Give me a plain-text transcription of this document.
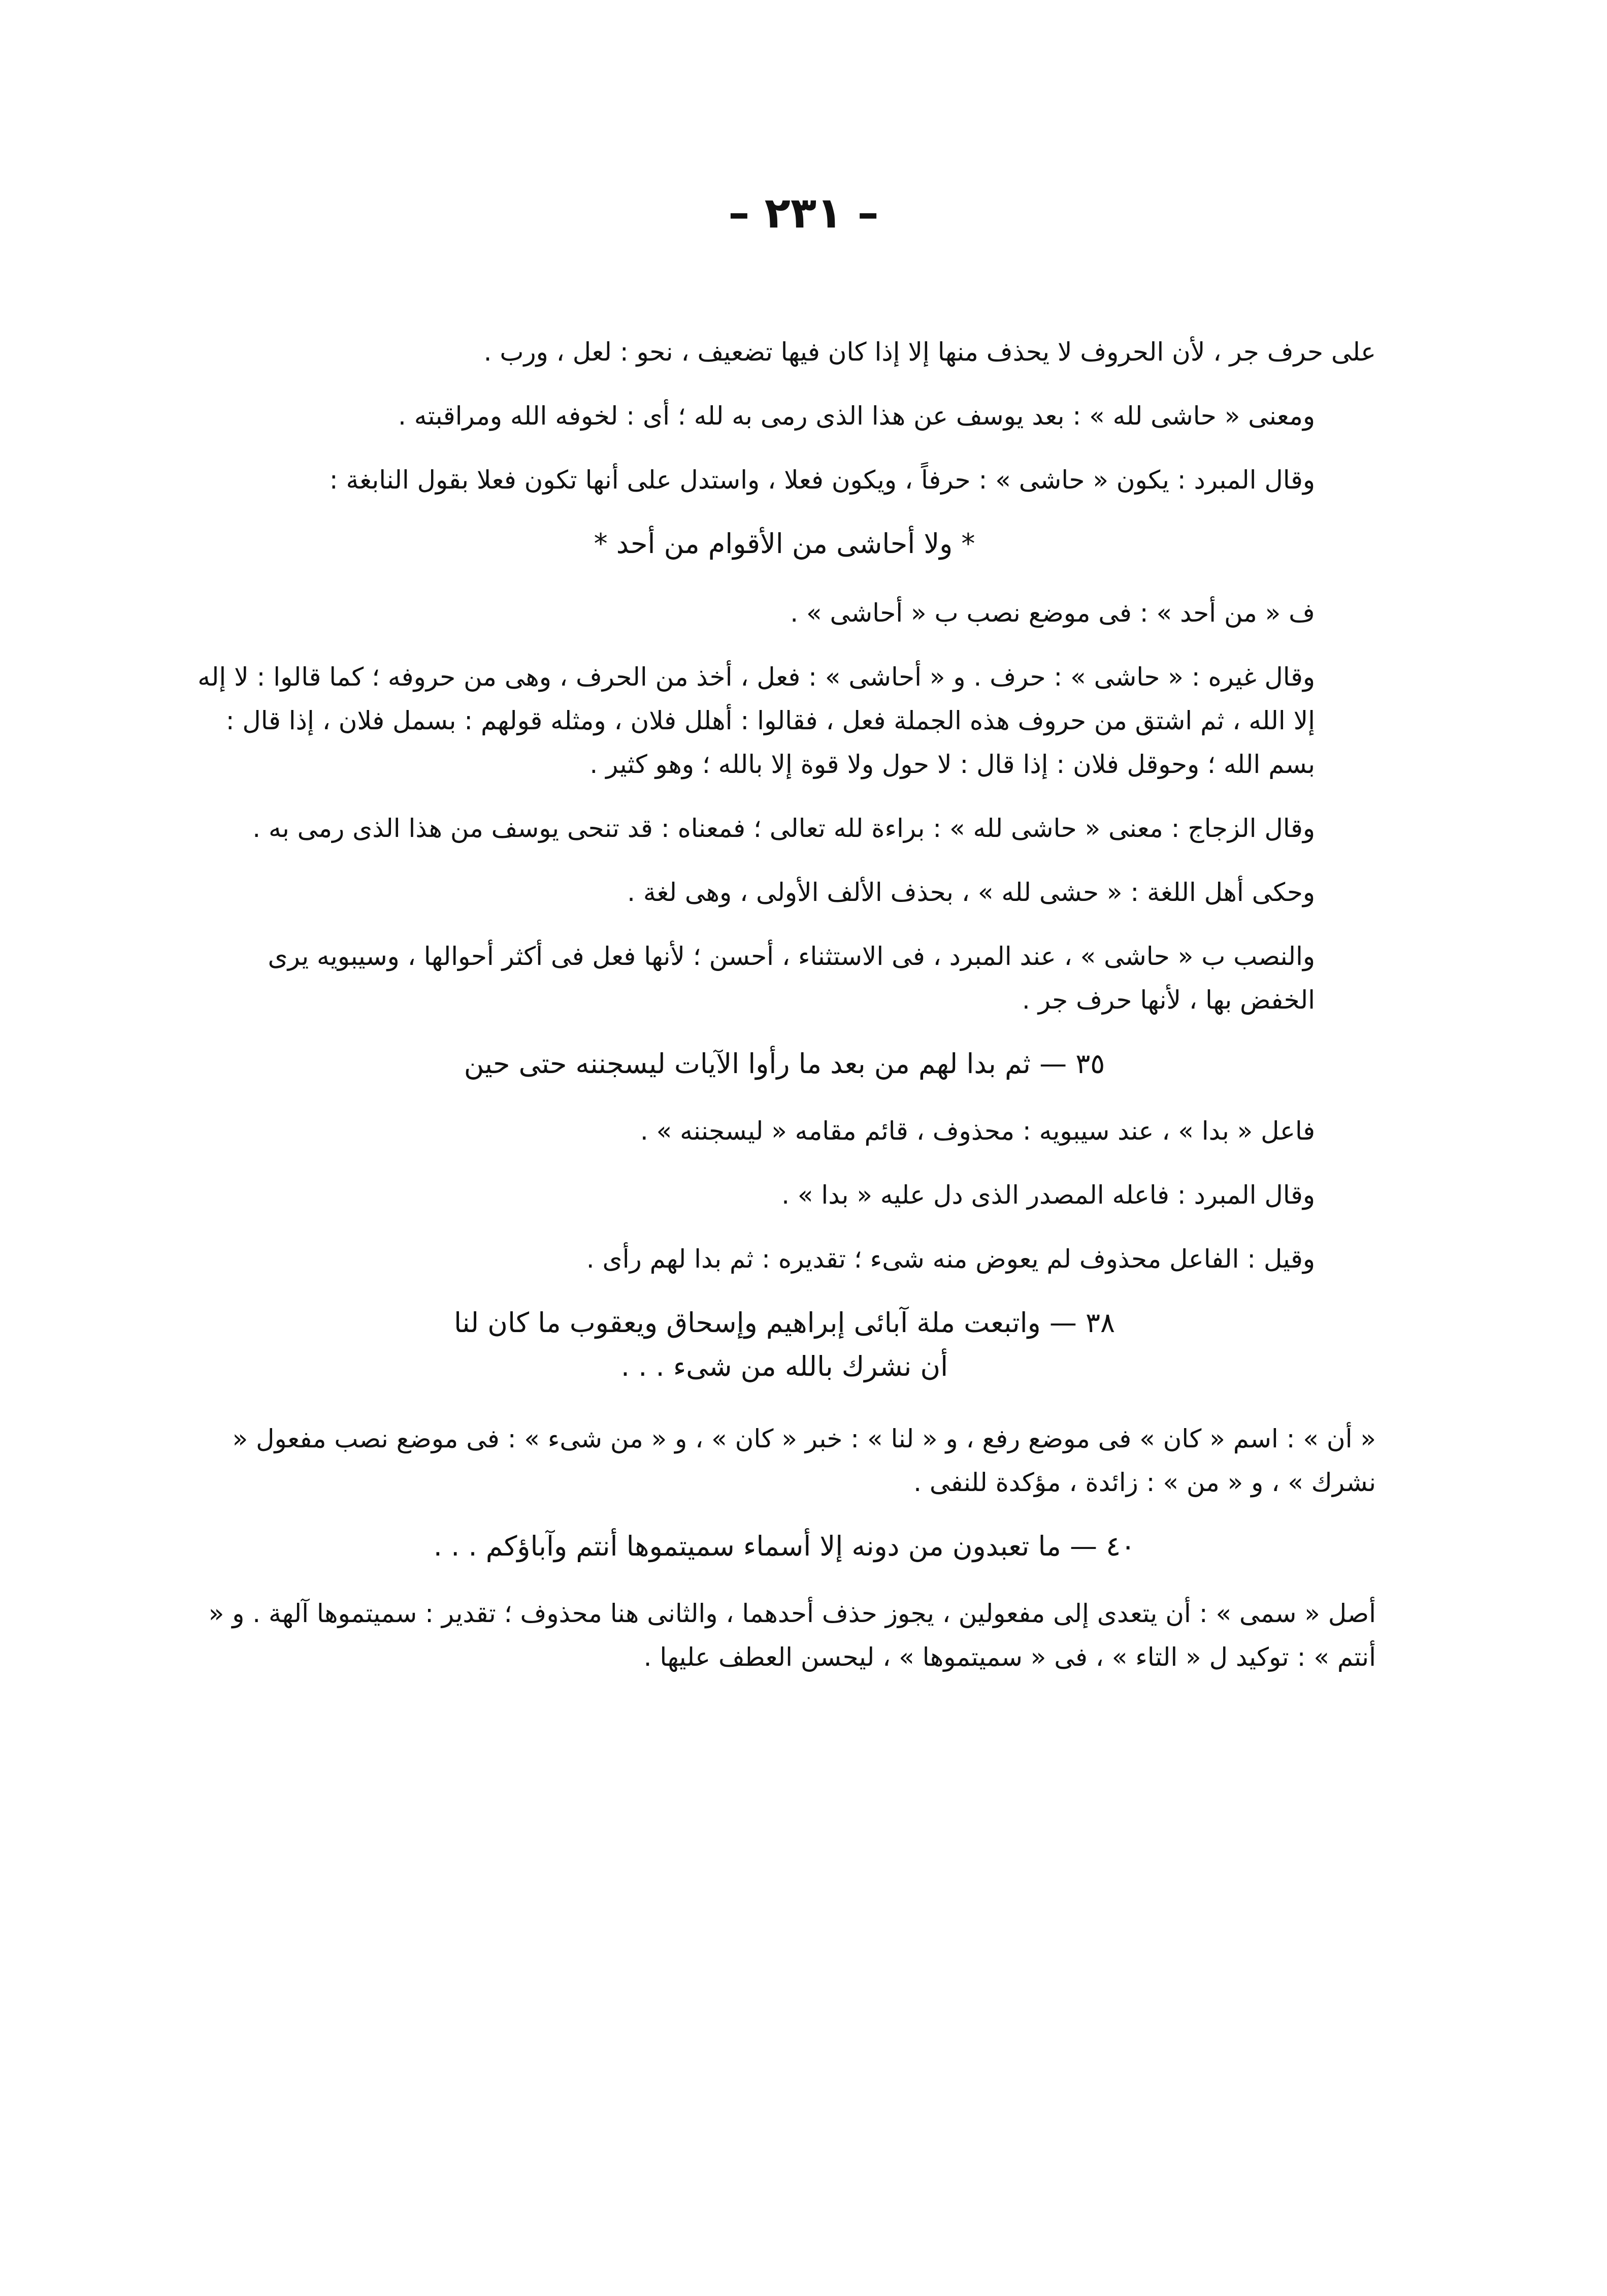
– ٢٣١ –

على حرف جر ، لأن الحروف لا يحذف منها إلا إذا كان فيها تضعيف ، نحو : لعل ، ورب .

ومعنى « حاشى لله » : بعد يوسف عن هذا الذى رمى به لله ؛ أى : لخوفه الله ومراقبته .

وقال المبرد : يكون « حاشى » : حرفاً ، ويكون فعلا ، واستدل على أنها تكون فعلا بقول النابغة :

* ولا أحاشى من الأقوام من أحد *

ف « من أحد » : فى موضع نصب ب « أحاشى » .

وقال غيره : « حاشى » : حرف . و « أحاشى » : فعل ، أخذ من الحرف ، وهى من حروفه ؛ كما قالوا : لا إله إلا الله ، ثم اشتق من حروف هذه الجملة فعل ، فقالوا : أهلل فلان ، ومثله قولهم : بسمل فلان ، إذا قال : بسم الله ؛ وحوقل فلان : إذا قال : لا حول ولا قوة إلا بالله ؛ وهو كثير .

وقال الزجاج : معنى « حاشى لله » : براءة لله تعالى ؛ فمعناه : قد تنحى يوسف من هذا الذى رمى به .

وحكى أهل اللغة : « حشى لله » ، بحذف الألف الأولى ، وهى لغة .

والنصب ب « حاشى » ، عند المبرد ، فى الاستثناء ، أحسن ؛ لأنها فعل فى أكثر أحوالها ، وسيبويه يرى الخفض بها ، لأنها حرف جر .

٣٥ — ثم بدا لهم من بعد ما رأوا الآيات ليسجننه حتى حين

فاعل « بدا » ، عند سيبويه : محذوف ، قائم مقامه « ليسجننه » .

وقال المبرد : فاعله المصدر الذى دل عليه « بدا » .

وقيل : الفاعل محذوف لم يعوض منه شىء ؛ تقديره : ثم بدا لهم رأى .

٣٨ — واتبعت ملة آبائى إبراهيم وإسحاق ويعقوب ما كان لنا
أن نشرك بالله من شىء . . .

« أن » : اسم « كان » فى موضع رفع ، و « لنا » : خبر « كان » ، و « من شىء » : فى موضع نصب مفعول « نشرك » ، و « من » : زائدة ، مؤكدة للنفى .

٤٠ — ما تعبدون من دونه إلا أسماء سميتموها أنتم وآباؤكم . . .

أصل « سمى » : أن يتعدى إلى مفعولين ، يجوز حذف أحدهما ، والثانى هنا محذوف ؛ تقدير : سميتموها آلهة . و « أنتم » : توكيد ل « التاء » ، فى « سميتموها » ، ليحسن العطف عليها .
